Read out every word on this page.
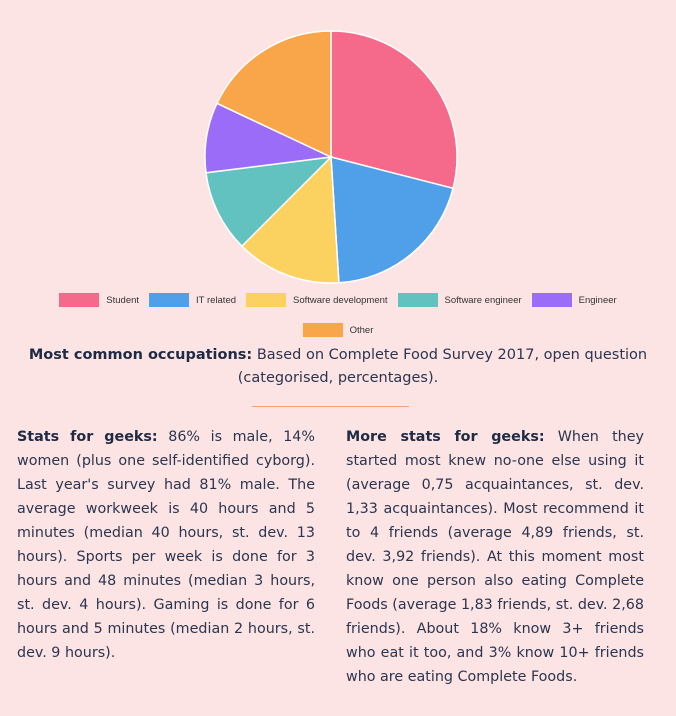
Student	IT related	Software development	Software engineer	Engineer
Other
Most common occupations: Based on Complete Food Survey 2017, open question (categorised, percentages).
Stats for geeks: 86% is male, 14% women (plus one self-identified cyborg). Last year's survey had 81% male. The average workweek is 40 hours and 5 minutes (median 40 hours, st. dev. 13 hours). Sports per week is done for 3 hours and 48 minutes (median 3 hours, st. dev. 4 hours). Gaming is done for 6 hours and 5 minutes (median 2 hours, st. dev. 9 hours).
More stats for geeks: When they started most knew no-one else using it (average 0,75 acquaintances, st. dev. 1,33 acquaintances). Most recommend it to 4 friends (average 4,89 friends, st. dev. 3,92 friends). At this moment most know one person also eating Complete Foods (average 1,83 friends, st. dev. 2,68 friends). About 18% know 3+ friends who eat it too, and 3% know 10+ friends who are eating Complete Foods.
